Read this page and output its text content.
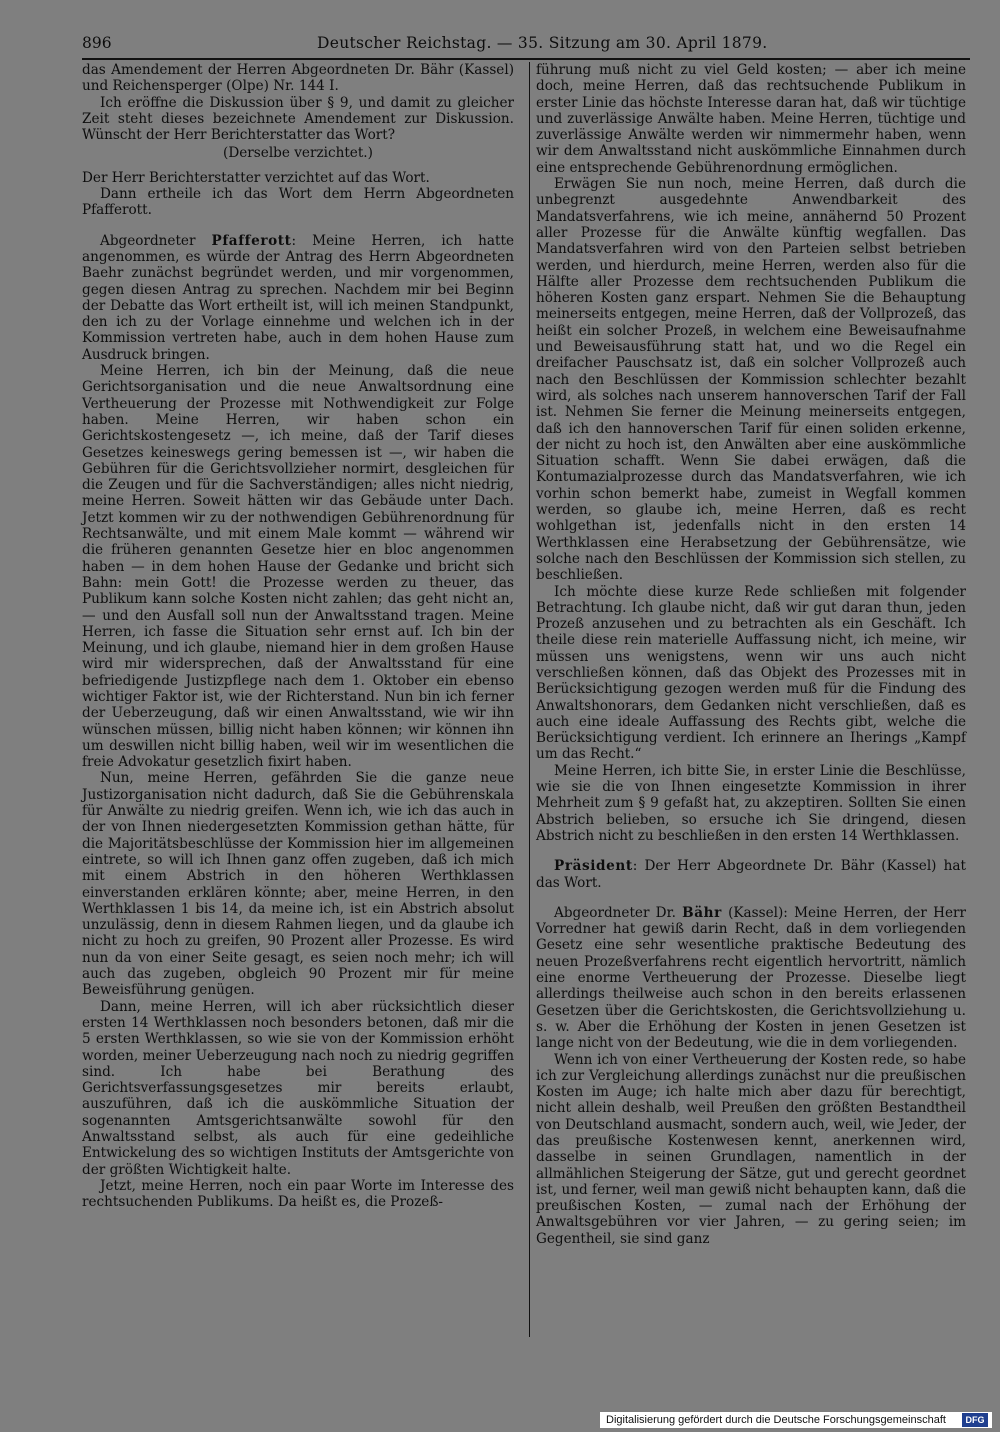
896	Deutscher Reichstag. — 35. Sitzung am 30. April 1879.

das Amendement der Herren Abgeordneten Dr. Bähr (Kassel) und Reichensperger (Olpe) Nr. 144 I.

Ich eröffne die Diskussion über § 9, und damit zu gleicher Zeit steht dieses bezeichnete Amendement zur Diskussion. Wünscht der Herr Berichterstatter das Wort?

(Derselbe verzichtet.)

Der Herr Berichterstatter verzichtet auf das Wort.

Dann ertheile ich das Wort dem Herrn Abgeordneten Pfafferott.

Abgeordneter Pfafferott: Meine Herren, ich hatte angenommen, es würde der Antrag des Herrn Abgeordneten Baehr zunächst begründet werden, und mir vorgenommen, gegen diesen Antrag zu sprechen. Nachdem mir bei Beginn der Debatte das Wort ertheilt ist, will ich meinen Standpunkt, den ich zu der Vorlage einnehme und welchen ich in der Kommission vertreten habe, auch in dem hohen Hause zum Ausdruck bringen.

Meine Herren, ich bin der Meinung, daß die neue Gerichtsorganisation und die neue Anwaltsordnung eine Vertheuerung der Prozesse mit Nothwendigkeit zur Folge haben. Meine Herren, wir haben schon ein Gerichtskostengesetz —, ich meine, daß der Tarif dieses Gesetzes keineswegs gering bemessen ist —, wir haben die Gebühren für die Gerichtsvollzieher normirt, desgleichen für die Zeugen und für die Sachverständigen; alles nicht niedrig, meine Herren. Soweit hätten wir das Gebäude unter Dach. Jetzt kommen wir zu der nothwendigen Gebührenordnung für Rechtsanwälte, und mit einem Male kommt — während wir die früheren genannten Gesetze hier en bloc angenommen haben — in dem hohen Hause der Gedanke und bricht sich Bahn: mein Gott! die Prozesse werden zu theuer, das Publikum kann solche Kosten nicht zahlen; das geht nicht an, — und den Ausfall soll nun der Anwaltsstand tragen. Meine Herren, ich fasse die Situation sehr ernst auf. Ich bin der Meinung, und ich glaube, niemand hier in dem großen Hause wird mir widersprechen, daß der Anwaltsstand für eine befriedigende Justizpflege nach dem 1. Oktober ein ebenso wichtiger Faktor ist, wie der Richterstand. Nun bin ich ferner der Ueberzeugung, daß wir einen Anwaltsstand, wie wir ihn wünschen müssen, billig nicht haben können; wir können ihn um deswillen nicht billig haben, weil wir im wesentlichen die freie Advokatur gesetzlich fixirt haben.

Nun, meine Herren, gefährden Sie die ganze neue Justizorganisation nicht dadurch, daß Sie die Gebührenskala für Anwälte zu niedrig greifen. Wenn ich, wie ich das auch in der von Ihnen niedergesetzten Kommission gethan hätte, für die Majoritätsbeschlüsse der Kommission hier im allgemeinen eintrete, so will ich Ihnen ganz offen zugeben, daß ich mich mit einem Abstrich in den höheren Werthklassen einverstanden erklären könnte; aber, meine Herren, in den Werthklassen 1 bis 14, da meine ich, ist ein Abstrich absolut unzulässig, denn in diesem Rahmen liegen, und da glaube ich nicht zu hoch zu greifen, 90 Prozent aller Prozesse. Es wird nun da von einer Seite gesagt, es seien noch mehr; ich will auch das zugeben, obgleich 90 Prozent mir für meine Beweisführung genügen.

Dann, meine Herren, will ich aber rücksichtlich dieser ersten 14 Werthklassen noch besonders betonen, daß mir die 5 ersten Werthklassen, so wie sie von der Kommission erhöht worden, meiner Ueberzeugung nach noch zu niedrig gegriffen sind. Ich habe bei Berathung des Gerichtsverfassungsgesetzes mir bereits erlaubt, auszuführen, daß ich die auskömmliche Situation der sogenannten Amtsgerichtsanwälte sowohl für den Anwaltsstand selbst, als auch für eine gedeihliche Entwickelung des so wichtigen Instituts der Amtsgerichte von der größten Wichtigkeit halte.

Jetzt, meine Herren, noch ein paar Worte im Interesse des rechtsuchenden Publikums. Da heißt es, die Prozeß-

führung muß nicht zu viel Geld kosten; — aber ich meine doch, meine Herren, daß das rechtsuchende Publikum in erster Linie das höchste Interesse daran hat, daß wir tüchtige und zuverlässige Anwälte haben. Meine Herren, tüchtige und zuverlässige Anwälte werden wir nimmermehr haben, wenn wir dem Anwaltsstand nicht auskömmliche Einnahmen durch eine entsprechende Gebührenordnung ermöglichen.

Erwägen Sie nun noch, meine Herren, daß durch die unbegrenzt ausgedehnte Anwendbarkeit des Mandatsverfahrens, wie ich meine, annähernd 50 Prozent aller Prozesse für die Anwälte künftig wegfallen. Das Mandatsverfahren wird von den Parteien selbst betrieben werden, und hierdurch, meine Herren, werden also für die Hälfte aller Prozesse dem rechtsuchenden Publikum die höheren Kosten ganz erspart. Nehmen Sie die Behauptung meinerseits entgegen, meine Herren, daß der Vollprozeß, das heißt ein solcher Prozeß, in welchem eine Beweisaufnahme und Beweisausführung statt hat, und wo die Regel ein dreifacher Pauschsatz ist, daß ein solcher Vollprozeß auch nach den Beschlüssen der Kommission schlechter bezahlt wird, als solches nach unserem hannoverschen Tarif der Fall ist. Nehmen Sie ferner die Meinung meinerseits entgegen, daß ich den hannoverschen Tarif für einen soliden erkenne, der nicht zu hoch ist, den Anwälten aber eine auskömmliche Situation schafft. Wenn Sie dabei erwägen, daß die Kontumazialprozesse durch das Mandatsverfahren, wie ich vorhin schon bemerkt habe, zumeist in Wegfall kommen werden, so glaube ich, meine Herren, daß es recht wohlgethan ist, jedenfalls nicht in den ersten 14 Werthklassen eine Herabsetzung der Gebührensätze, wie solche nach den Beschlüssen der Kommission sich stellen, zu beschließen.

Ich möchte diese kurze Rede schließen mit folgender Betrachtung. Ich glaube nicht, daß wir gut daran thun, jeden Prozeß anzusehen und zu betrachten als ein Geschäft. Ich theile diese rein materielle Auffassung nicht, ich meine, wir müssen uns wenigstens, wenn wir uns auch nicht verschließen können, daß das Objekt des Prozesses mit in Berücksichtigung gezogen werden muß für die Findung des Anwaltshonorars, dem Gedanken nicht verschließen, daß es auch eine ideale Auffassung des Rechts gibt, welche die Berücksichtigung verdient. Ich erinnere an Iherings „Kampf um das Recht.“

Meine Herren, ich bitte Sie, in erster Linie die Beschlüsse, wie sie die von Ihnen eingesetzte Kommission in ihrer Mehrheit zum § 9 gefaßt hat, zu akzeptiren. Sollten Sie einen Abstrich belieben, so ersuche ich Sie dringend, diesen Abstrich nicht zu beschließen in den ersten 14 Werthklassen.

Präsident: Der Herr Abgeordnete Dr. Bähr (Kassel) hat das Wort.

Abgeordneter Dr. Bähr (Kassel): Meine Herren, der Herr Vorredner hat gewiß darin Recht, daß in dem vorliegenden Gesetz eine sehr wesentliche praktische Bedeutung des neuen Prozeßverfahrens recht eigentlich hervortritt, nämlich eine enorme Vertheuerung der Prozesse. Dieselbe liegt allerdings theilweise auch schon in den bereits erlassenen Gesetzen über die Gerichtskosten, die Gerichtsvollziehung u. s. w. Aber die Erhöhung der Kosten in jenen Gesetzen ist lange nicht von der Bedeutung, wie die in dem vorliegenden.

Wenn ich von einer Vertheuerung der Kosten rede, so habe ich zur Vergleichung allerdings zunächst nur die preußischen Kosten im Auge; ich halte mich aber dazu für berechtigt, nicht allein deshalb, weil Preußen den größten Bestandtheil von Deutschland ausmacht, sondern auch, weil, wie Jeder, der das preußische Kostenwesen kennt, anerkennen wird, dasselbe in seinen Grundlagen, namentlich in der allmählichen Steigerung der Sätze, gut und gerecht geordnet ist, und ferner, weil man gewiß nicht behaupten kann, daß die preußischen Kosten, — zumal nach der Erhöhung der Anwaltsgebühren vor vier Jahren, — zu gering seien; im Gegentheil, sie sind ganz

Digitalisierung gefördert durch die Deutsche Forschungsgemeinschaft	DFG
